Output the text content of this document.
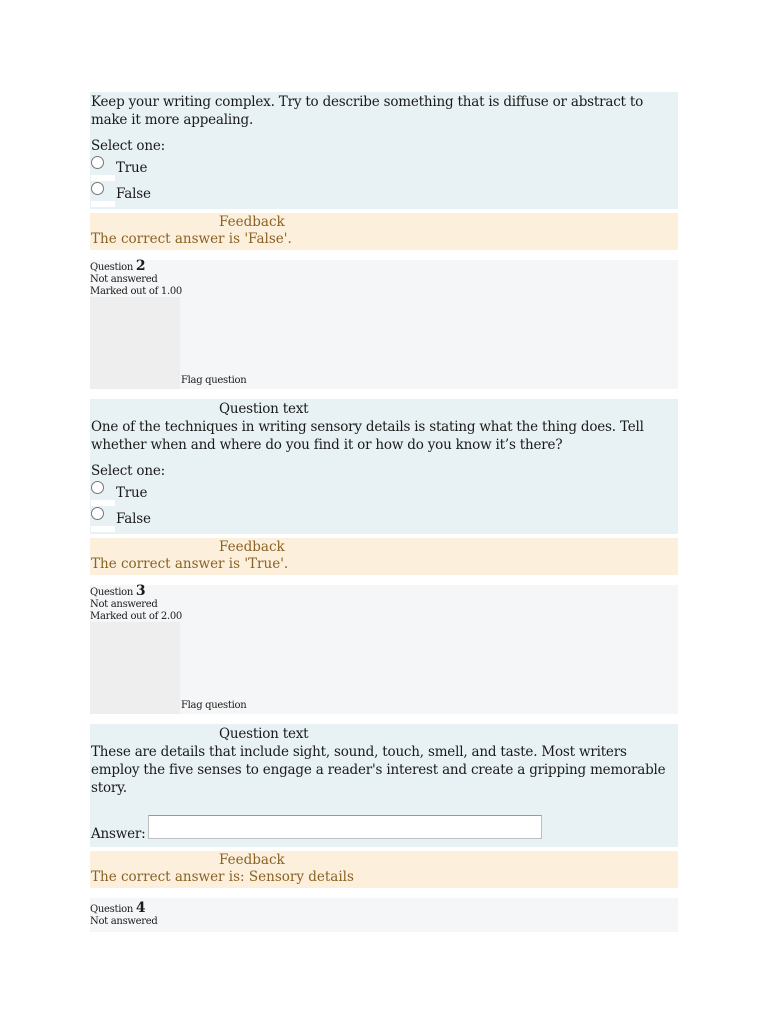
Keep your writing complex. Try to describe something that is diffuse or abstract to make it more appealing.

Select one:
True
False
Feedback
The correct answer is 'False'.
Question 2
Not answered
Marked out of 1.00
Flag question
Question text

One of the techniques in writing sensory details is stating what the thing does. Tell whether when and where do you find it or how do you know it’s there?

Select one:
True
False
Feedback
The correct answer is 'True'.
Question 3
Not answered
Marked out of 2.00
Flag question
Question text

These are details that include sight, sound, touch, smell, and taste. Most writers employ the five senses to engage a reader's interest and create a gripping memorable story.

Answer:
Feedback
The correct answer is: Sensory details
Question 4
Not answered
